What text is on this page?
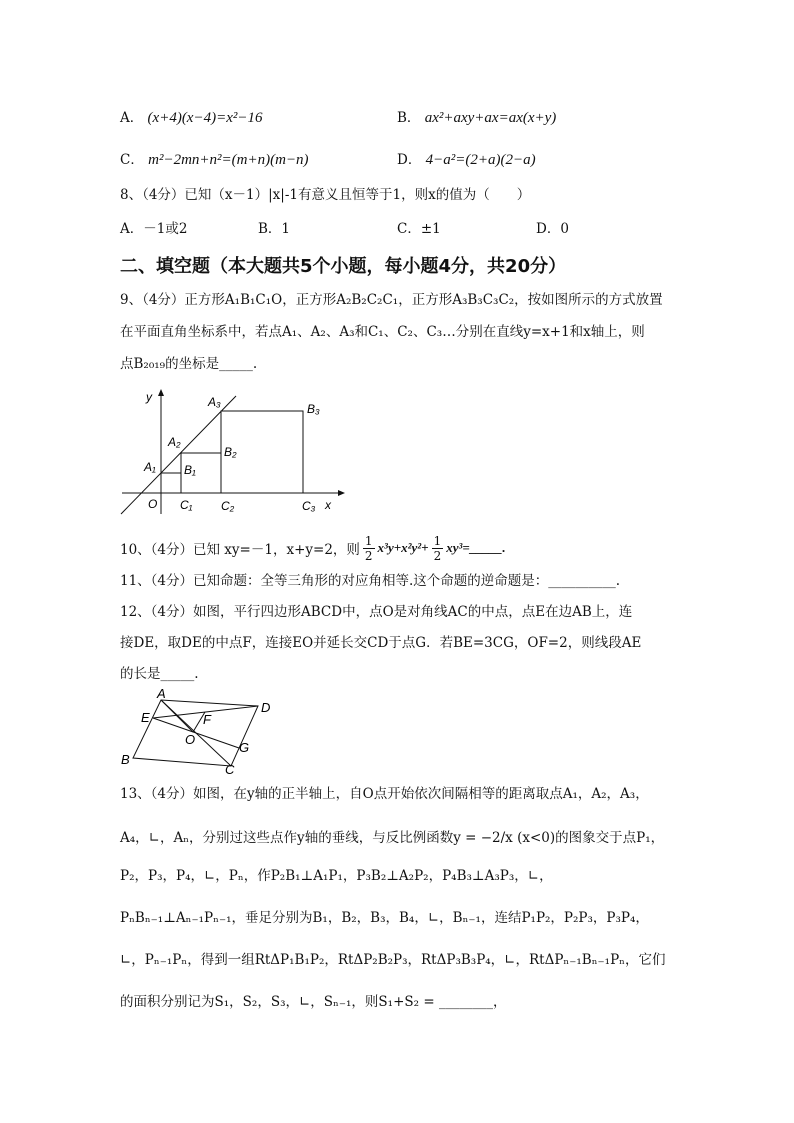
A． (x+4)(x−4)=x²−16	B． ax²+axy+ax=ax(x+y)
C． m²−2mn+n²=(m+n)(m−n)	D． 4−a²=(2+a)(2−a)
8、（4分）已知（x－1）|x|-1有意义且恒等于1，则x的值为（　　）
A．－1或2	B．1	C．±1	D．0
二、填空题（本大题共5个小题，每小题4分，共20分）
9、（4分）正方形A₁B₁C₁O，正方形A₂B₂C₂C₁，正方形A₃B₃C₃C₂，按如图所示的方式放置
在平面直角坐标系中，若点A₁、A₂、A₃和C₁、C₂、C₃…分别在直线y=x+1和x轴上，则
点B₂₀₁₉的坐标是_____.
y
x
O
A₁
A₂
A₃
B₁
B₂
B₃
C₁ C₂	C₃
10、（4分）已知 xy=－1，x+y=2，则 $\frac{1}{2} x^3y+x^2y^2+ \frac{1}{2}$ xy³=_____.
11、（4分）已知命题：全等三角形的对应角相等.这个命题的逆命题是：__________.
12、（4分）如图，平行四边形ABCD中，点O是对角线AC的中点，点E在边AB上，连
接DE，取DE的中点F，连接EO并延长交CD于点G．若BE=3CG，OF=2，则线段AE
的长是_____.
A
D
E	F
O
G
B
C
13、（4分）如图，在y轴的正半轴上，自O点开始依次间隔相等的距离取点A₁，A₂，A₃，
A₄，∟，Aₙ，分别过这些点作y轴的垂线，与反比例函数y = −2/x (x<0)的图象交于点P₁，
P₂，P₃，P₄，∟，Pₙ，作P₂B₁⊥A₁P₁，P₃B₂⊥A₂P₂，P₄B₃⊥A₃P₃，∟，
PₙBₙ₋₁⊥Aₙ₋₁Pₙ₋₁，垂足分别为B₁，B₂，B₃，B₄，∟，Bₙ₋₁，连结P₁P₂，P₂P₃，P₃P₄，
∟，Pₙ₋₁Pₙ，得到一组RtΔP₁B₁P₂，RtΔP₂B₂P₃，RtΔP₃B₃P₄，∟，RtΔPₙ₋₁Bₙ₋₁Pₙ，它们
的面积分别记为S₁，S₂，S₃，∟，Sₙ₋₁，则S₁+S₂ = ________，
